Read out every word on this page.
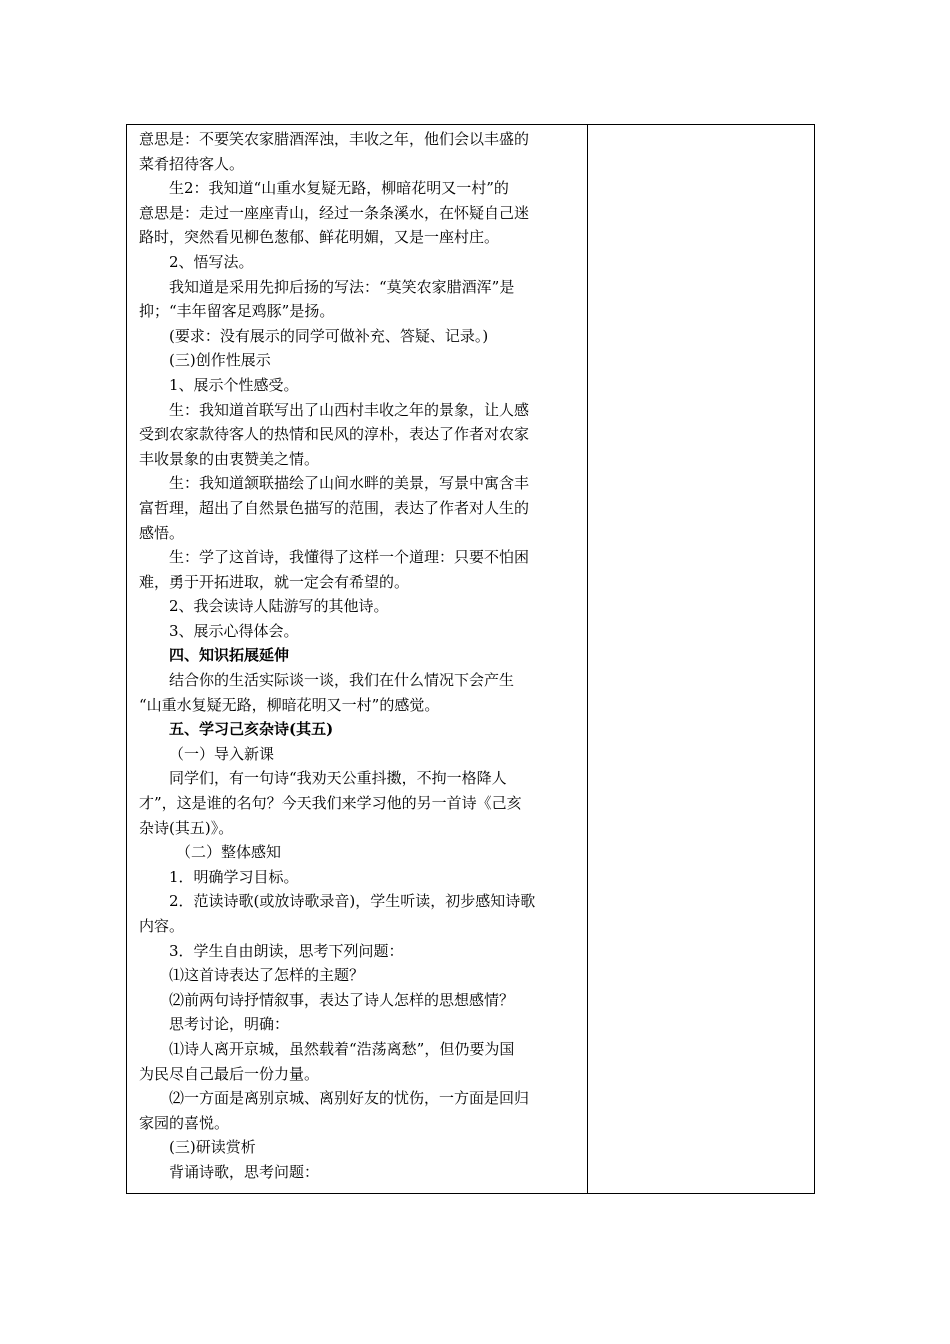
意思是：不要笑农家腊酒浑浊，丰收之年，他们会以丰盛的
菜肴招待客人。
生2：我知道“山重水复疑无路，柳暗花明又一村”的
意思是：走过一座座青山，经过一条条溪水，在怀疑自己迷
路时，突然看见柳色葱郁、鲜花明媚，又是一座村庄。
2、悟写法。
我知道是采用先抑后扬的写法：“莫笑农家腊酒浑”是
抑；“丰年留客足鸡豚”是扬。
(要求：没有展示的同学可做补充、答疑、记录。)
(三)创作性展示
1、展示个性感受。
生：我知道首联写出了山西村丰收之年的景象，让人感
受到农家款待客人的热情和民风的淳朴，表达了作者对农家
丰收景象的由衷赞美之情。
生：我知道颔联描绘了山间水畔的美景，写景中寓含丰
富哲理，超出了自然景色描写的范围，表达了作者对人生的
感悟。
生：学了这首诗，我懂得了这样一个道理：只要不怕困
难，勇于开拓进取，就一定会有希望的。
2、我会读诗人陆游写的其他诗。
3、展示心得体会。
四、知识拓展延伸
结合你的生活实际谈一谈，我们在什么情况下会产生
“山重水复疑无路，柳暗花明又一村”的感觉。
五、学习己亥杂诗(其五)
（一）导入新课
同学们，有一句诗“我劝天公重抖擞，不拘一格降人
才”，这是谁的名句？今天我们来学习他的另一首诗《己亥
杂诗(其五)》。
（二）整体感知
1．明确学习目标。
2．范读诗歌(或放诗歌录音)，学生听读，初步感知诗歌
内容。
3．学生自由朗读，思考下列问题：
⑴这首诗表达了怎样的主题？
⑵前两句诗抒情叙事，表达了诗人怎样的思想感情？
思考讨论，明确：
⑴诗人离开京城，虽然载着“浩荡离愁”，但仍要为国
为民尽自己最后一份力量。
⑵一方面是离别京城、离别好友的忧伤，一方面是回归
家园的喜悦。
(三)研读赏析
背诵诗歌，思考问题：
